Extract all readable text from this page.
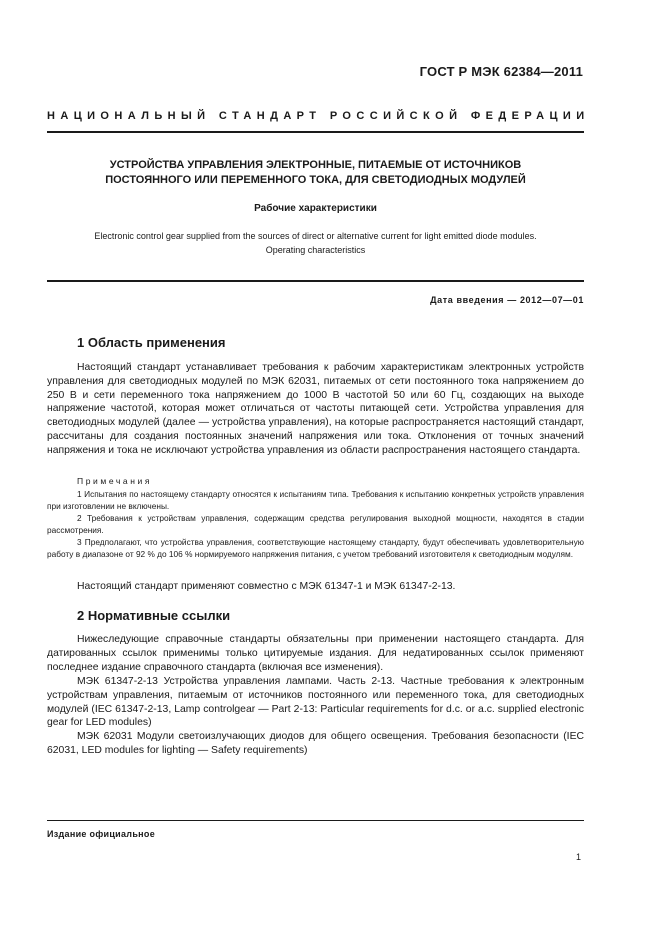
ГОСТ Р МЭК 62384—2011
НАЦИОНАЛЬНЫЙ СТАНДАРТ РОССИЙСКОЙ ФЕДЕРАЦИИ
УСТРОЙСТВА УПРАВЛЕНИЯ ЭЛЕКТРОННЫЕ, ПИТАЕМЫЕ ОТ ИСТОЧНИКОВ
ПОСТОЯННОГО ИЛИ ПЕРЕМЕННОГО ТОКА, ДЛЯ СВЕТОДИОДНЫХ МОДУЛЕЙ
Рабочие характеристики
Electronic control gear supplied from the sources of direct or alternative current for light emitted diode modules.
Operating characteristics
Дата введения — 2012—07—01
1 Область применения

Настоящий стандарт устанавливает требования к рабочим характеристикам электронных устройств управления для светодиодных модулей по МЭК 62031, питаемых от сети постоянного тока напряжением до 250 В и сети переменного тока напряжением до 1000 В частотой 50 или 60 Гц, создающих на выходе напряжение частотой, которая может отличаться от частоты питающей сети. Устройства управления для светодиодных модулей (далее — устройства управления), на которые распространяется настоящий стандарт, рассчитаны для создания постоянных значений напряжения или тока. Отклонения от точных значений напряжения и тока не исключают устройства управления из области распространения настоящего стандарта.

Примечания

1 Испытания по настоящему стандарту относятся к испытаниям типа. Требования к испытанию конкретных устройств управления при изготовлении не включены.

2 Требования к устройствам управления, содержащим средства регулирования выходной мощности, находятся в стадии рассмотрения.

3 Предполагают, что устройства управления, соответствующие настоящему стандарту, будут обеспечивать удовлетворительную работу в диапазоне от 92 % до 106 % нормируемого напряжения питания, с учетом требований изготовителя к светодиодным модулям.

Настоящий стандарт применяют совместно с МЭК 61347-1 и МЭК 61347-2-13.

2 Нормативные ссылки

Нижеследующие справочные стандарты обязательны при применении настоящего стандарта. Для датированных ссылок применимы только цитируемые издания. Для недатированных ссылок применяют последнее издание справочного стандарта (включая все изменения).

МЭК 61347-2-13 Устройства управления лампами. Часть 2-13. Частные требования к электронным устройствам управления, питаемым от источников постоянного или переменного тока, для светодиодных модулей (IEC 61347-2-13, Lamp controlgear — Part 2-13: Particular requirements for d.c. or a.c. supplied electronic gear for LED modules)

МЭК 62031 Модули светоизлучающих диодов для общего освещения. Требования безопасности (IEC 62031, LED modules for lighting — Safety requirements)

Издание официальное
1
